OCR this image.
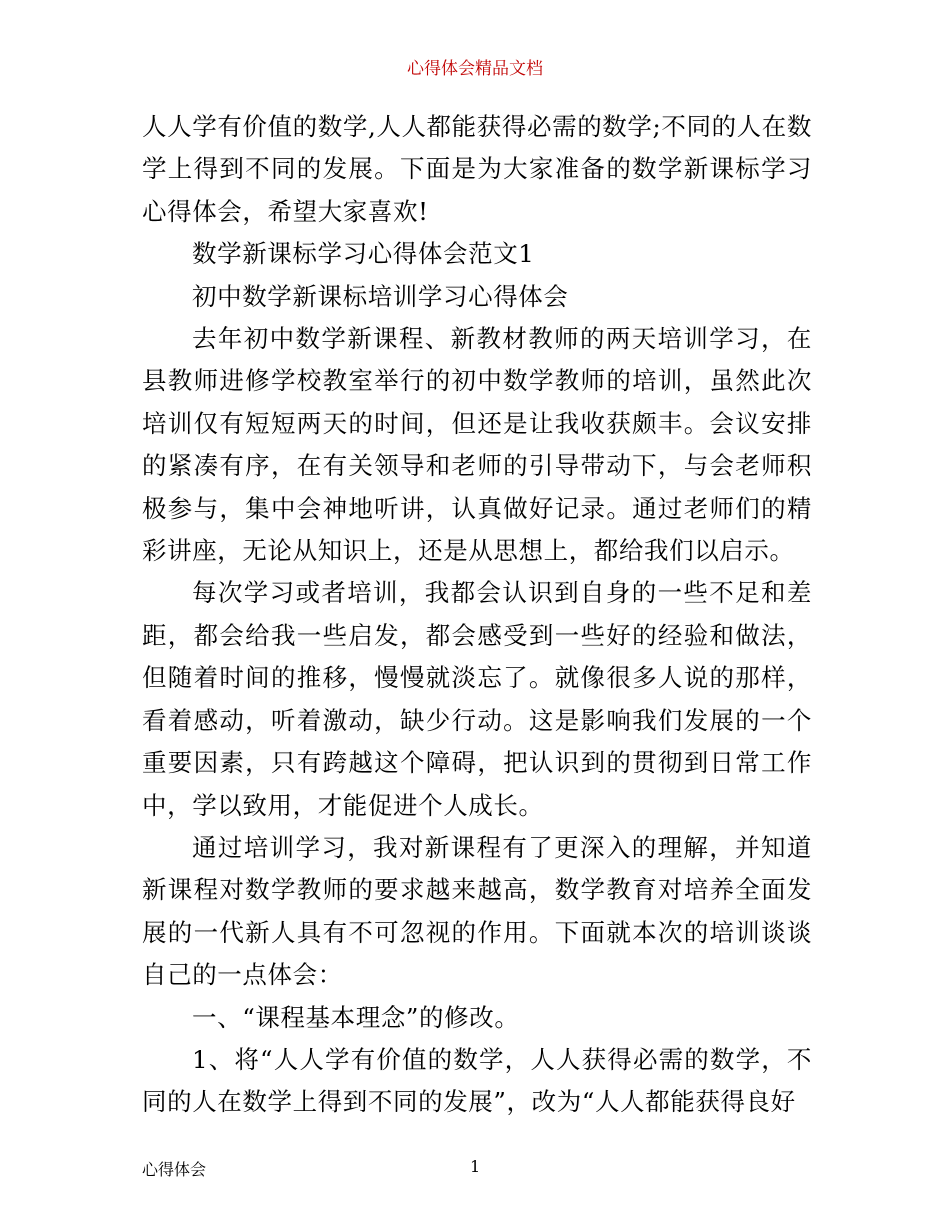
心得体会精品文档

人人学有价值的数学,人人都能获得必需的数学;不同的人在数学上得到不同的发展。下面是为大家准备的数学新课标学习心得体会，希望大家喜欢!

数学新课标学习心得体会范文1

初中数学新课标培训学习心得体会

去年初中数学新课程、新教材教师的两天培训学习，在县教师进修学校教室举行的初中数学教师的培训，虽然此次培训仅有短短两天的时间，但还是让我收获颇丰。会议安排的紧凑有序，在有关领导和老师的引导带动下，与会老师积极参与，集中会神地听讲，认真做好记录。通过老师们的精彩讲座，无论从知识上，还是从思想上，都给我们以启示。

每次学习或者培训，我都会认识到自身的一些不足和差距，都会给我一些启发，都会感受到一些好的经验和做法，但随着时间的推移，慢慢就淡忘了。就像很多人说的那样，看着感动，听着激动，缺少行动。这是影响我们发展的一个重要因素，只有跨越这个障碍，把认识到的贯彻到日常工作中，学以致用，才能促进个人成长。

通过培训学习，我对新课程有了更深入的理解，并知道新课程对数学教师的要求越来越高，数学教育对培养全面发展的一代新人具有不可忽视的作用。下面就本次的培训谈谈自己的一点体会：

一、“课程基本理念”的修改。

1、将“人人学有价值的数学，人人获得必需的数学，不同的人在数学上得到不同的发展”，改为“人人都能获得良好

心得体会	1
